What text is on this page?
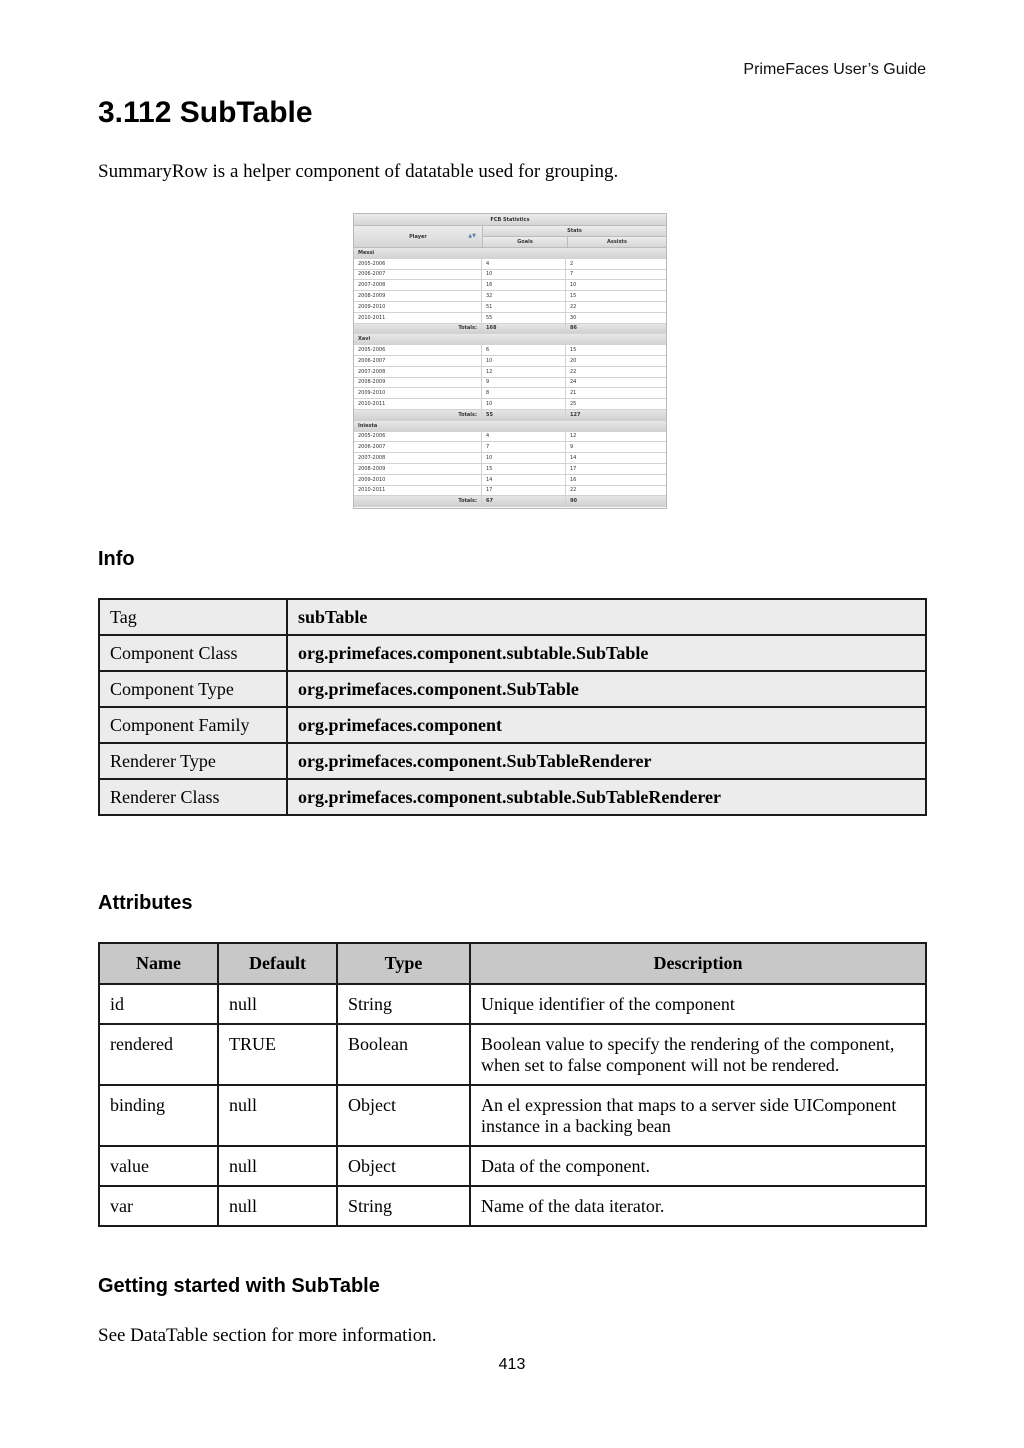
PrimeFaces User’s Guide
3.112 SubTable

SummaryRow is a helper component of datatable used for grouping.

FCB Statistics
Player	▲▼
Stats
Goals	Assists
Messi
2005-2006	4	2
2006-2007	10	7
2007-2008	16	10
2008-2009	32	15
2009-2010	51	22
2010-2011	55	30
Totals:	168	86
Xavi
2005-2006	6	15
2006-2007	10	20
2007-2008	12	22
2008-2009	9	24
2009-2010	8	21
2010-2011	10	25
Totals:	55	127
Iniesta
2005-2006	4	12
2006-2007	7	9
2007-2008	10	14
2008-2009	15	17
2009-2010	14	16
2010-2011	17	22
Totals:	67	90
Info
Tag	subTable
Component Class	org.primefaces.component.subtable.SubTable
Component Type	org.primefaces.component.SubTable
Component Family	org.primefaces.component
Renderer Type	org.primefaces.component.SubTableRenderer
Renderer Class	org.primefaces.component.subtable.SubTableRenderer
Attributes
Name	Default	Type	Description
id	null	String	Unique identifier of the component
rendered	TRUE	Boolean	Boolean value to specify the rendering of the component, when set to false component will not be rendered.
binding	null	Object	An el expression that maps to a server side UIComponent instance in a backing bean
value	null	Object	Data of the component.
var	null	String	Name of the data iterator.
Getting started with SubTable

See DataTable section for more information.

413
